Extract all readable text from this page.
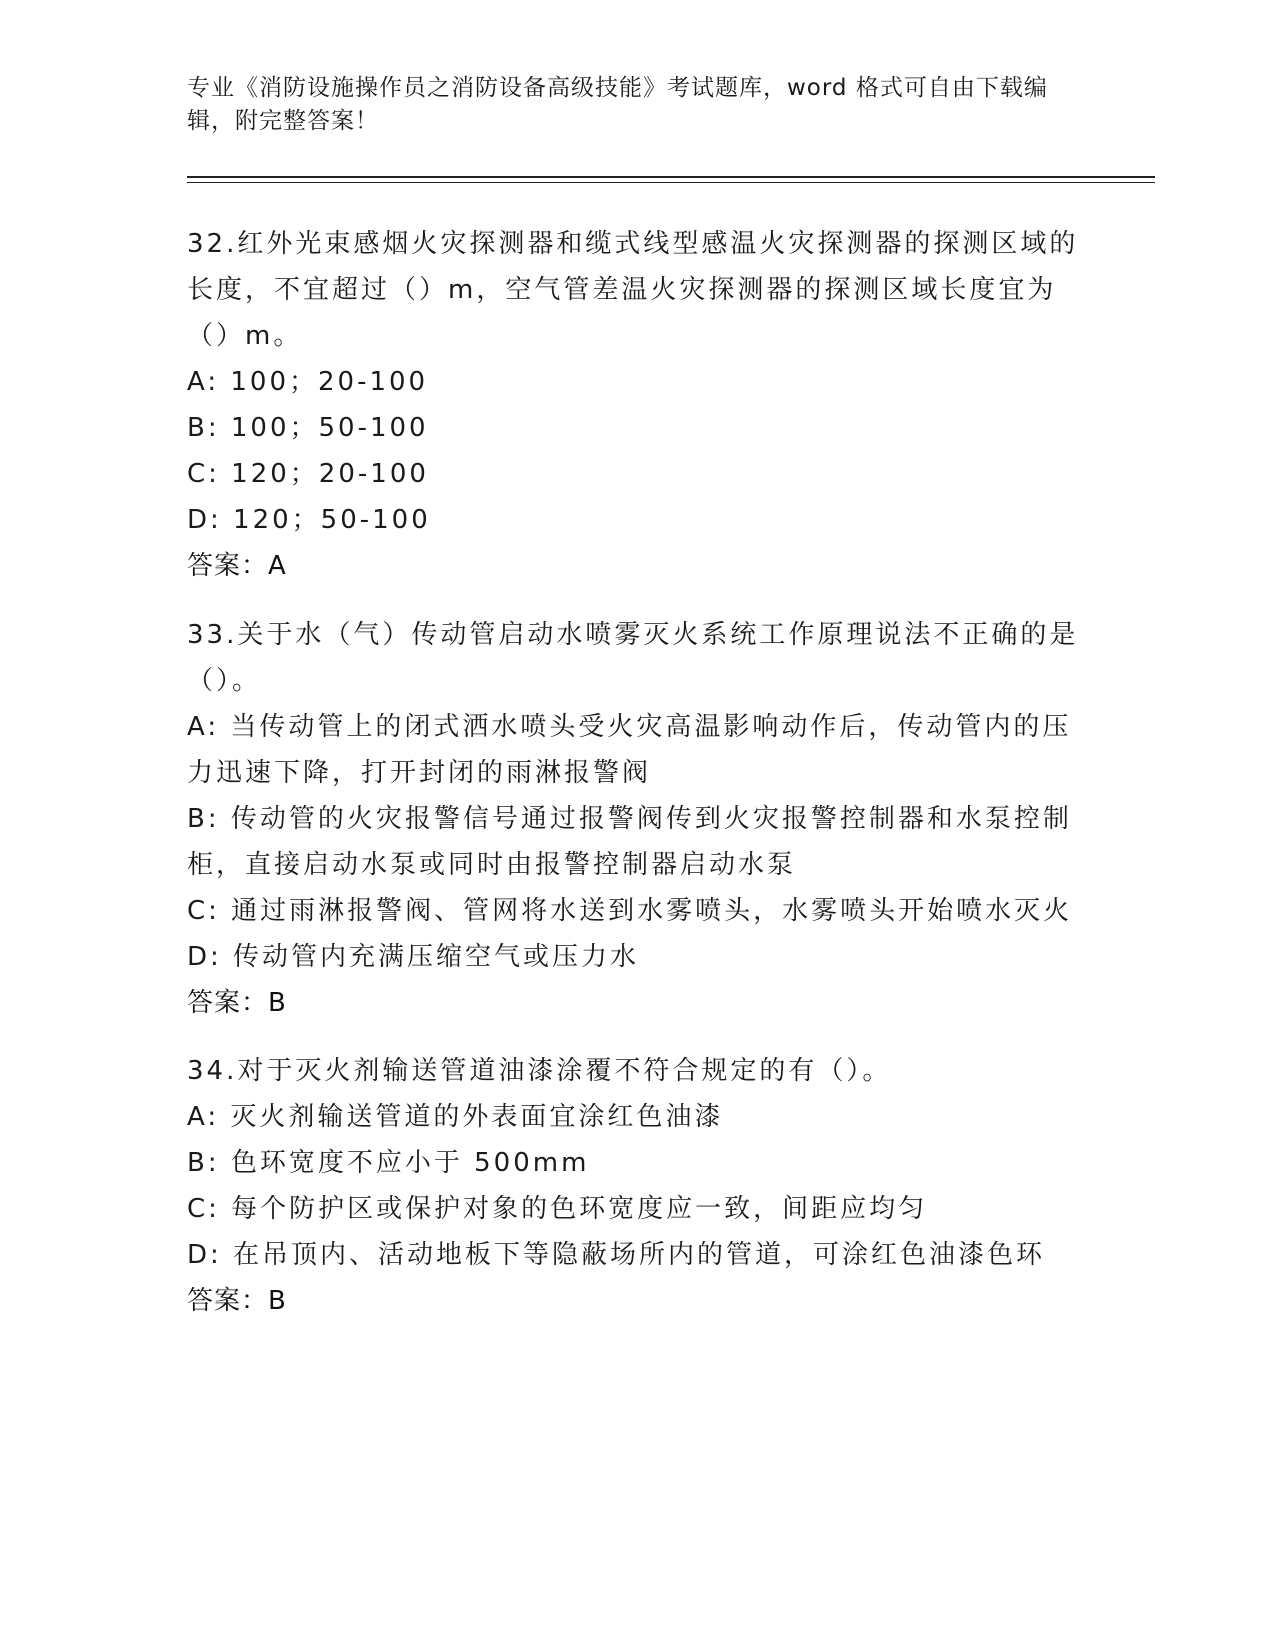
专业《消防设施操作员之消防设备高级技能》考试题库，word 格式可自由下载编辑，附完整答案！

32.红外光束感烟火灾探测器和缆式线型感温火灾探测器的探测区域的长度，不宜超过（）m，空气管差温火灾探测器的探测区域长度宜为（）m。

A: 100；20-100

B: 100；50-100

C: 120；20-100

D: 120；50-100

答案：A

33.关于水（气）传动管启动水喷雾灭火系统工作原理说法不正确的是（）。

A: 当传动管上的闭式洒水喷头受火灾高温影响动作后，传动管内的压力迅速下降，打开封闭的雨淋报警阀

B: 传动管的火灾报警信号通过报警阀传到火灾报警控制器和水泵控制柜，直接启动水泵或同时由报警控制器启动水泵

C: 通过雨淋报警阀、管网将水送到水雾喷头，水雾喷头开始喷水灭火

D: 传动管内充满压缩空气或压力水

答案：B

34.对于灭火剂输送管道油漆涂覆不符合规定的有（）。

A: 灭火剂输送管道的外表面宜涂红色油漆

B: 色环宽度不应小于 500mm

C: 每个防护区或保护对象的色环宽度应一致，间距应均匀

D: 在吊顶内、活动地板下等隐蔽场所内的管道，可涂红色油漆色环

答案：B
